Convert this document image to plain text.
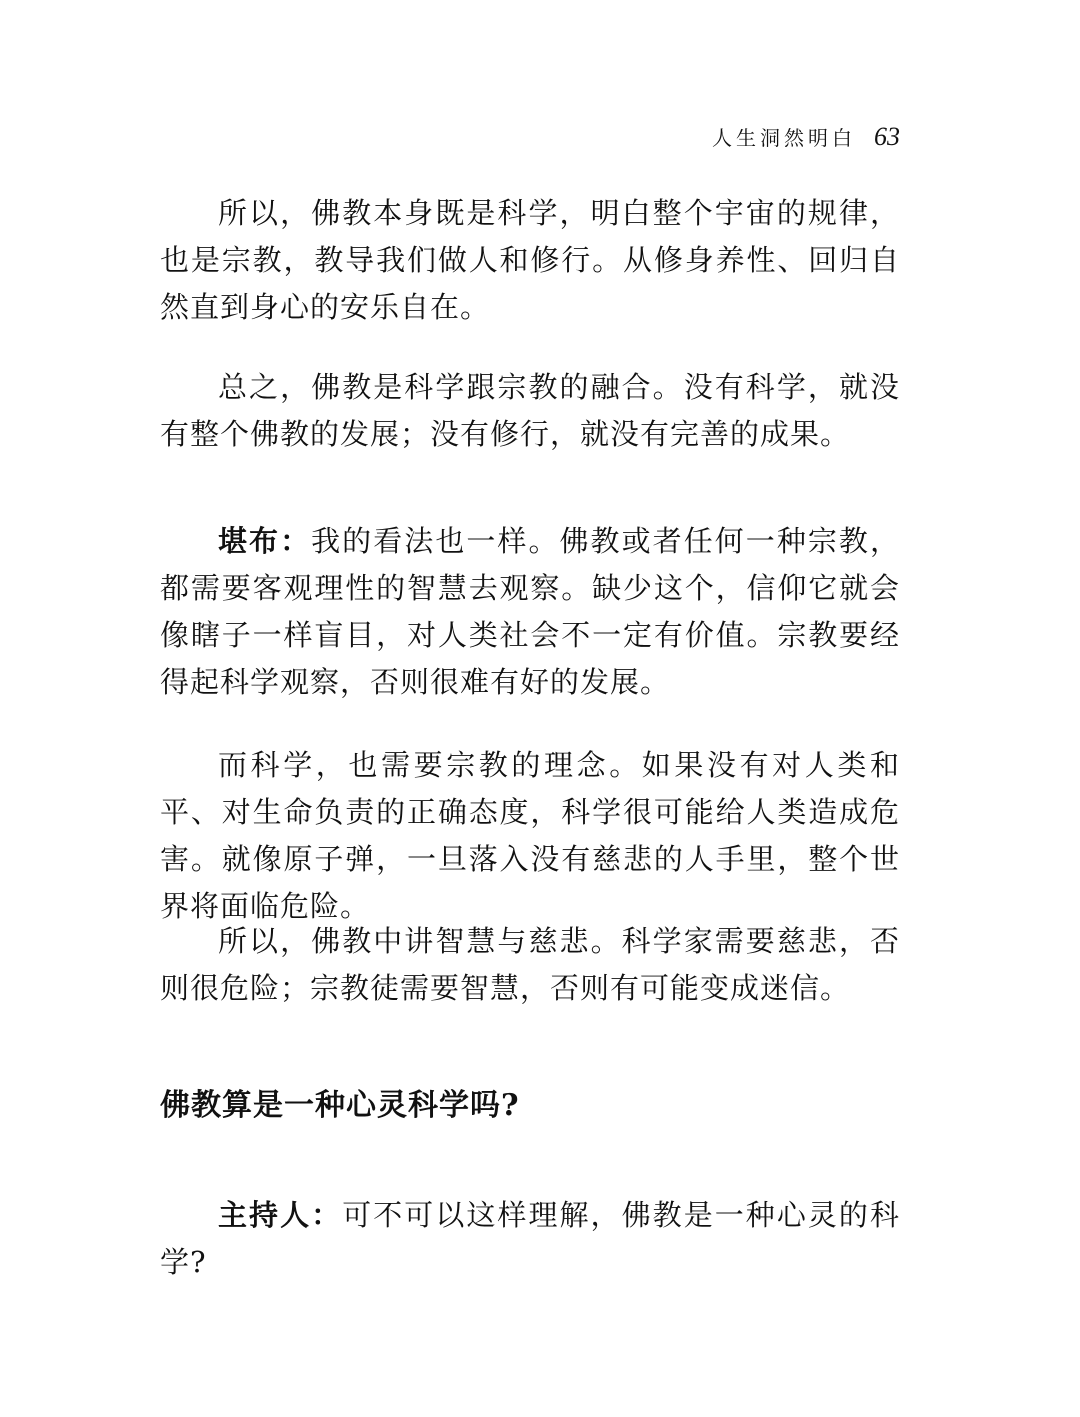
人生洞然明白 63

所以，佛教本身既是科学，明白整个宇宙的规律，也是宗教，教导我们做人和修行。从修身养性、回归自然直到身心的安乐自在。

总之，佛教是科学跟宗教的融合。没有科学，就没有整个佛教的发展；没有修行，就没有完善的成果。

堪布：我的看法也一样。佛教或者任何一种宗教，都需要客观理性的智慧去观察。缺少这个，信仰它就会像瞎子一样盲目，对人类社会不一定有价值。宗教要经得起科学观察，否则很难有好的发展。

而科学，也需要宗教的理念。如果没有对人类和平、对生命负责的正确态度，科学很可能给人类造成危害。就像原子弹，一旦落入没有慈悲的人手里，整个世界将面临危险。

所以，佛教中讲智慧与慈悲。科学家需要慈悲，否则很危险；宗教徒需要智慧，否则有可能变成迷信。

佛教算是一种心灵科学吗?

主持人：可不可以这样理解，佛教是一种心灵的科学?
